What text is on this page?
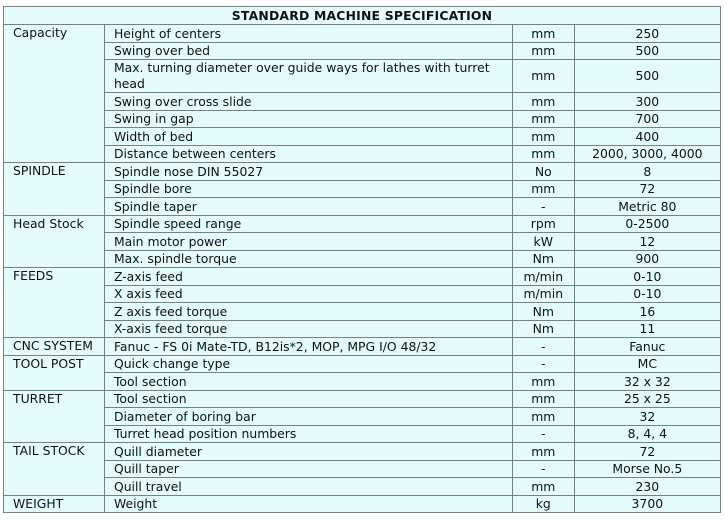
STANDARD MACHINE SPECIFICATION			
Capacity	Height of centers	mm	250
	Swing over bed	mm	500
	Max. turning diameter over guide ways for lathes with turret head	mm	500
	Swing over cross slide	mm	300
	Swing in gap	mm	700
	Width of bed	mm	400
	Distance between centers	mm	2000, 3000, 4000
SPINDLE	Spindle nose DIN 55027	No	8
	Spindle bore	mm	72
	Spindle taper	-	Metric 80
Head Stock	Spindle speed range	rpm	0-2500
	Main motor power	kW	12
	Max. spindle torque	Nm	900
FEEDS	Z-axis feed	m/min	0-10
	X axis feed	m/min	0-10
	Z axis feed torque	Nm	16
	X-axis feed torque	Nm	11
CNC SYSTEM	Fanuc - FS 0i Mate-TD, B12is*2, MOP, MPG I/O 48/32	-	Fanuc
TOOL POST	Quick change type	-	MC
	Tool section	mm	32 x 32
TURRET	Tool section	mm	25 x 25
	Diameter of boring bar	mm	32
	Turret head position numbers	-	8, 4, 4
TAIL STOCK	Quill diameter	mm	72
	Quill taper	-	Morse No.5
	Quill travel	mm	230
WEIGHT	Weight	kg	3700
